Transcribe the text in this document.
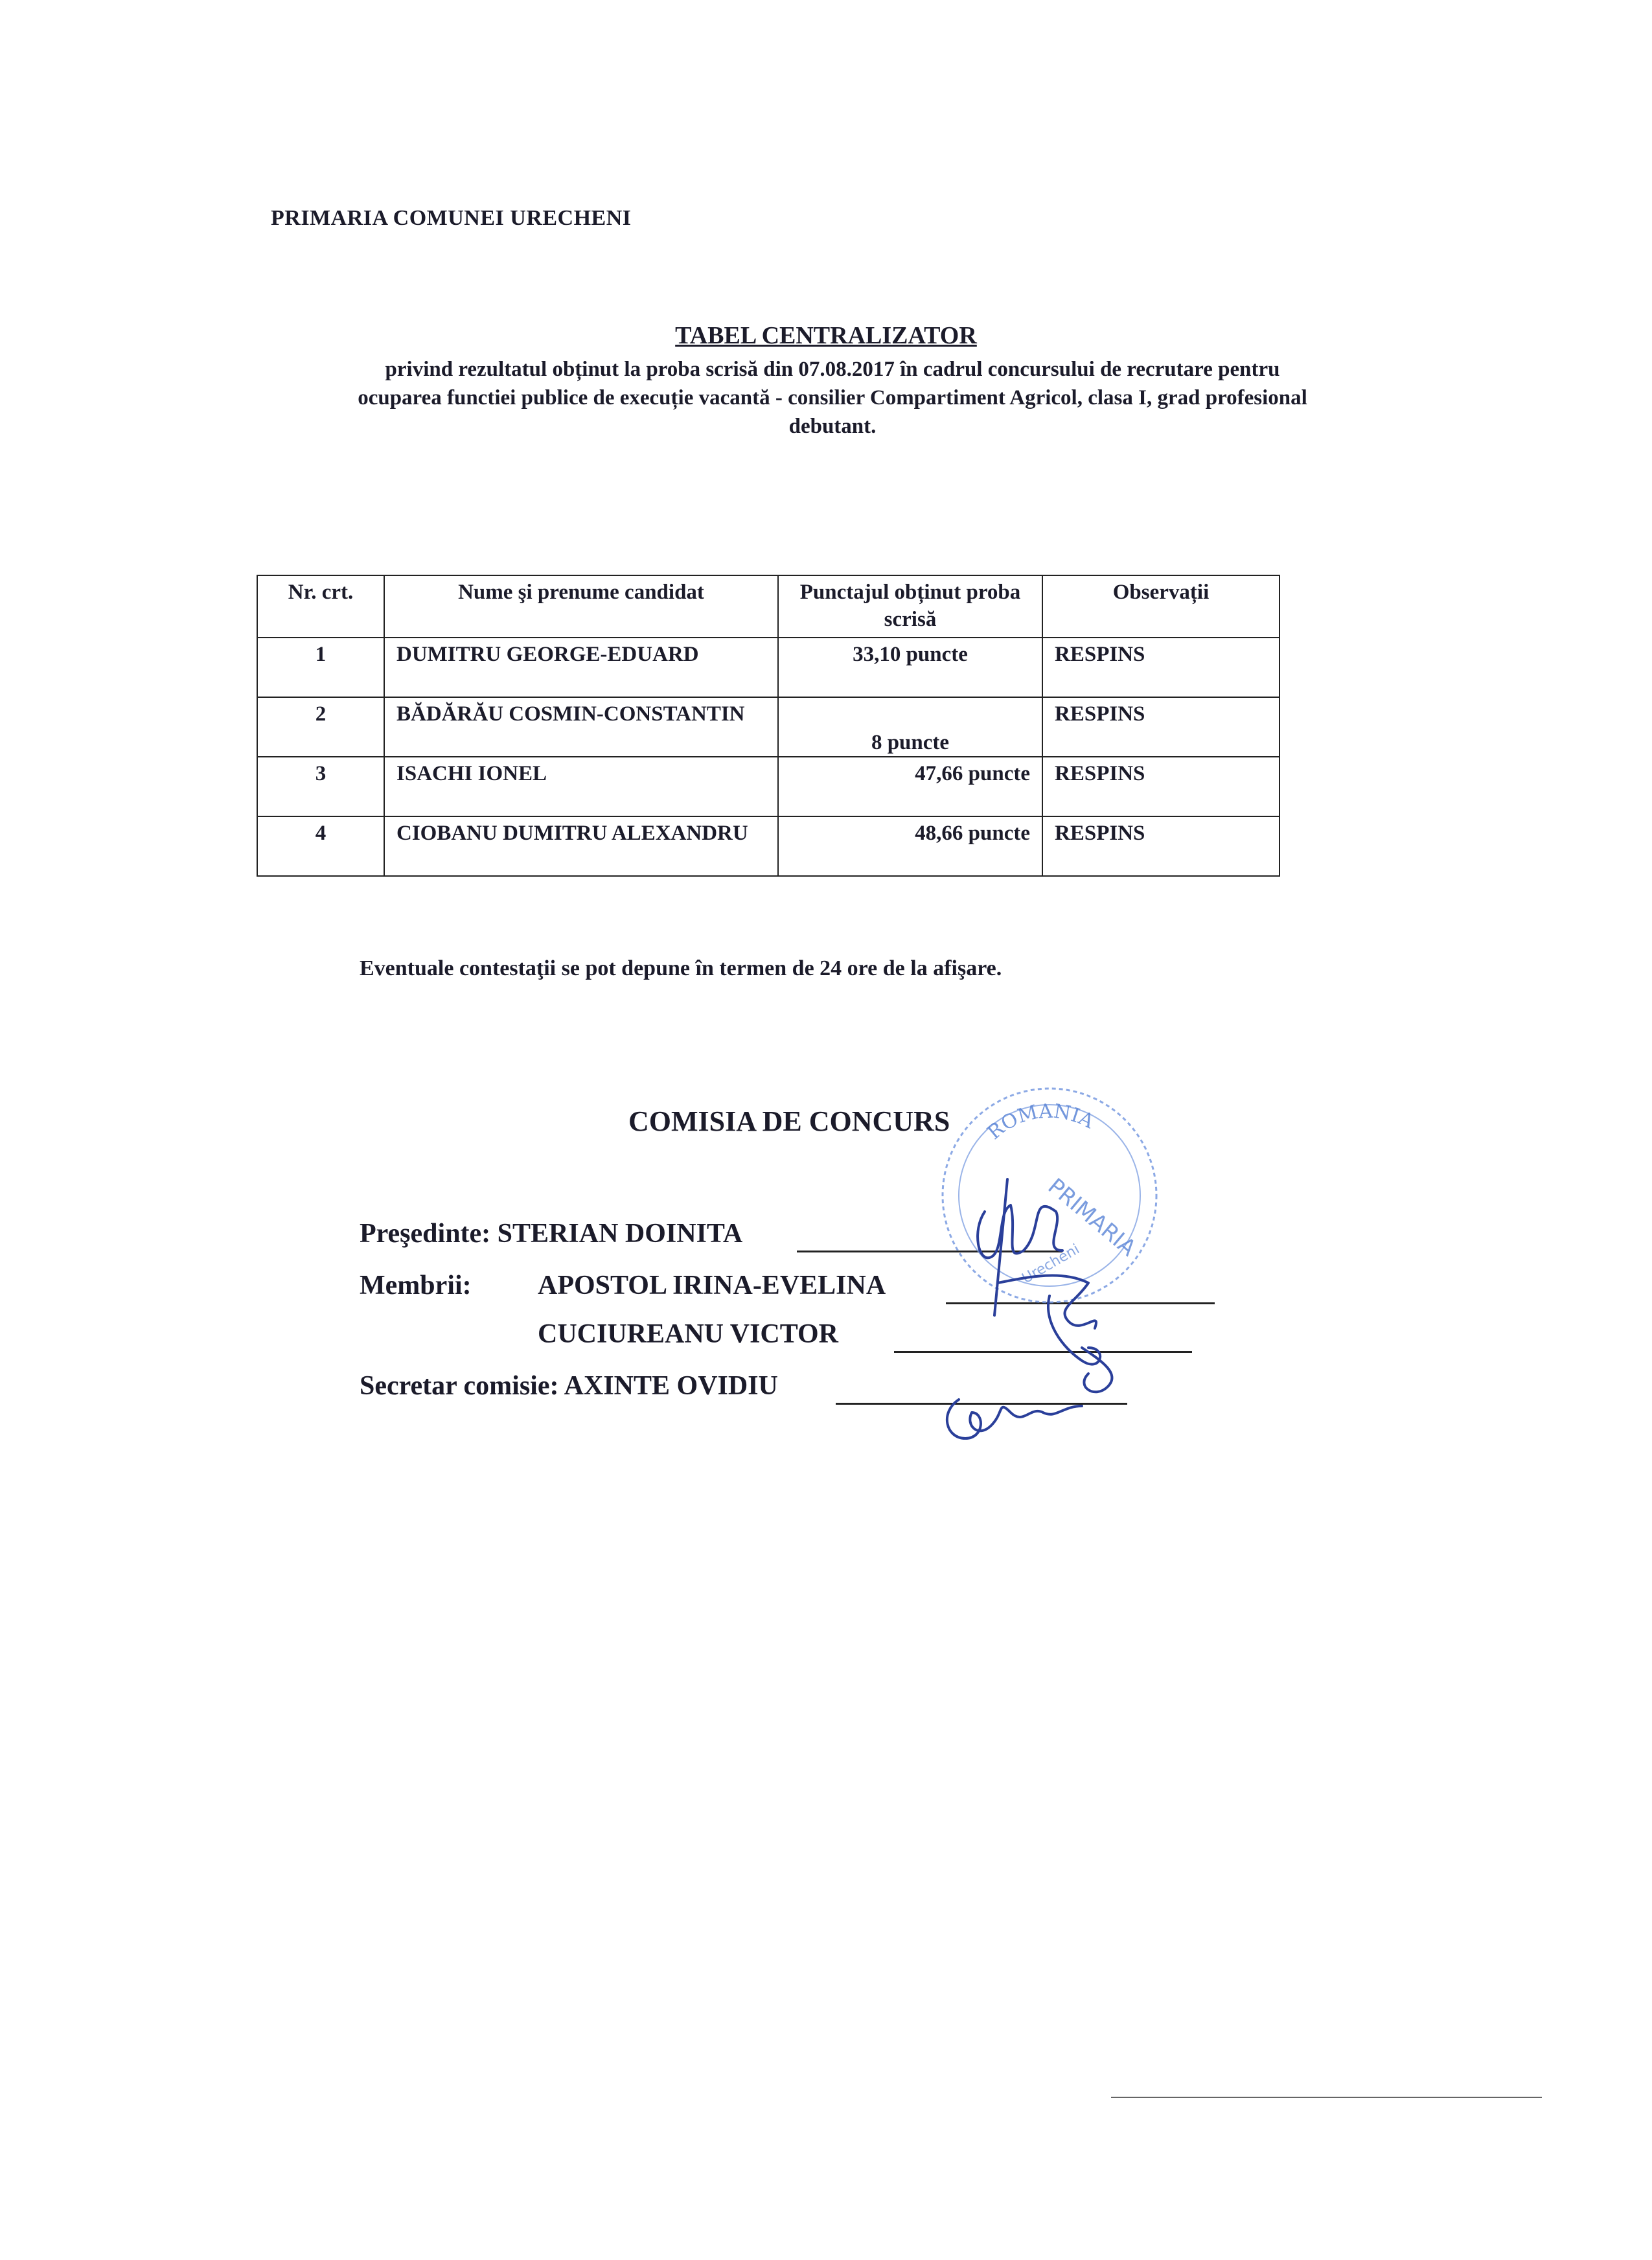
PRIMARIA COMUNEI URECHENI
TABEL CENTRALIZATOR
privind rezultatul obținut la proba scrisă din 07.08.2017 în cadrul concursului de recrutare pentru
ocuparea functiei publice de execuție vacantă - consilier Compartiment Agricol, clasa I, grad profesional
debutant.
Nr. crt.	Nume şi prenume candidat	Punctajul obținut proba scrisă	Observații
1	DUMITRU GEORGE-EDUARD	33,10 puncte	RESPINS
2	BĂDĂRĂU COSMIN-CONSTANTIN	8 puncte	RESPINS
3	ISACHI IONEL	47,66 puncte	RESPINS
4	CIOBANU DUMITRU ALEXANDRU	48,66 puncte	RESPINS
Eventuale contestaţii se pot depune în termen de 24 ore de la afişare.
COMISIA DE CONCURS
Preşedinte: STERIAN DOINITA
Membrii: APOSTOL IRINA-EVELINA
CUCIUREANU VICTOR
Secretar comisie: AXINTE OVIDIU
ROMANIA
PRIMARIA
Urecheni
